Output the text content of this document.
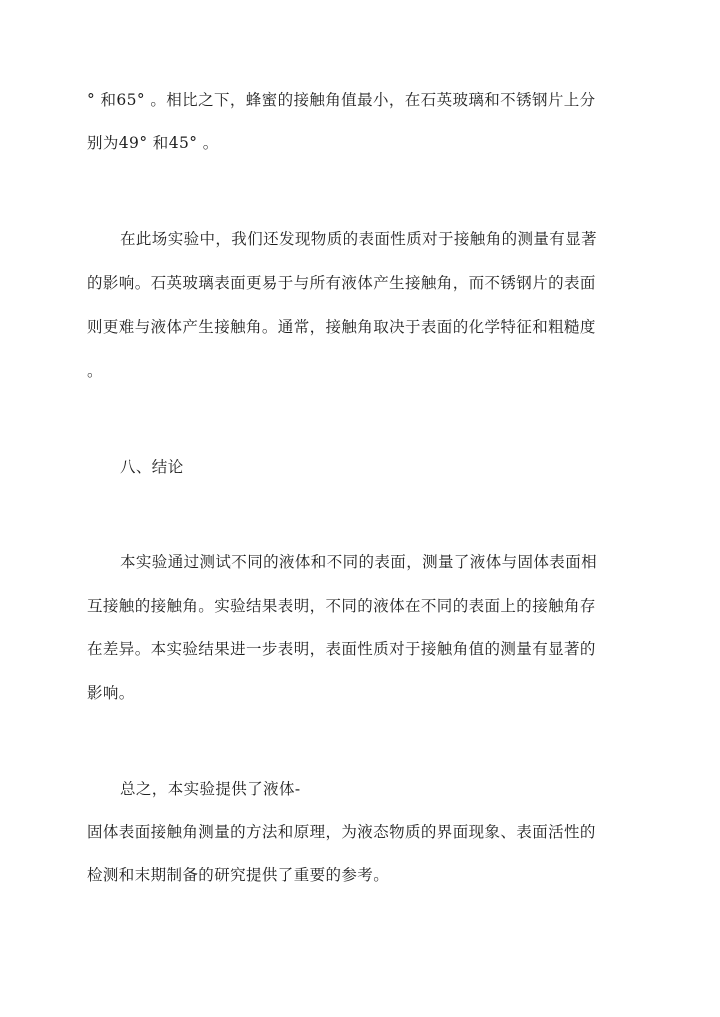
° 和65° 。相比之下，蜂蜜的接触角值最小，在石英玻璃和不锈钢片上分
别为49° 和45° 。
在此场实验中，我们还发现物质的表面性质对于接触角的测量有显著
的影响。石英玻璃表面更易于与所有液体产生接触角，而不锈钢片的表面
则更难与液体产生接触角。通常，接触角取决于表面的化学特征和粗糙度
。
八、结论
本实验通过测试不同的液体和不同的表面，测量了液体与固体表面相
互接触的接触角。实验结果表明，不同的液体在不同的表面上的接触角存
在差异。本实验结果进一步表明，表面性质对于接触角值的测量有显著的
影响。
总之，本实验提供了液体-
固体表面接触角测量的方法和原理，为液态物质的界面现象、表面活性的
检测和末期制备的研究提供了重要的参考。
